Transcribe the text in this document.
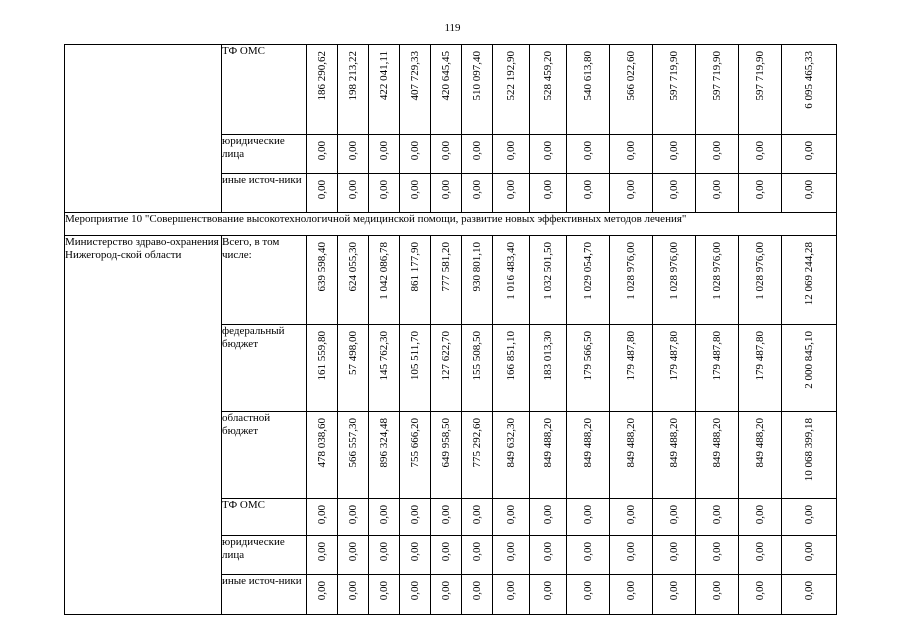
119
	ТФ ОМС	186 290,62	198 213,22	422 041,11	407 729,33	420 645,45	510 097,40	522 192,90	528 459,20	540 613,80	566 022,60	597 719,90	597 719,90	597 719,90	6 095 465,33

	юридические лица	0,00	0,00	0,00	0,00	0,00	0,00	0,00	0,00	0,00	0,00	0,00	0,00	0,00	0,00

	иные источ-ники	0,00	0,00	0,00	0,00	0,00	0,00	0,00	0,00	0,00	0,00	0,00	0,00	0,00	0,00

Мероприятие 10 "Совершенствование высокотехнологичной медицинской помощи, развитие новых эффективных методов лечения"															
Министерство здраво-охранения Нижегород-ской области	Всего, в том числе:	639 598,40	624 055,30	1 042 086,78	861 177,90	777 581,20	930 801,10	1 016 483,40	1 032 501,50	1 029 054,70	1 028 976,00	1 028 976,00	1 028 976,00	1 028 976,00	12 069 244,28

	федеральный бюджет	161 559,80	57 498,00	145 762,30	105 511,70	127 622,70	155 508,50	166 851,10	183 013,30	179 566,50	179 487,80	179 487,80	179 487,80	179 487,80	2 000 845,10

	областной бюджет	478 038,60	566 557,30	896 324,48	755 666,20	649 958,50	775 292,60	849 632,30	849 488,20	849 488,20	849 488,20	849 488,20	849 488,20	849 488,20	10 068 399,18

	ТФ ОМС	0,00	0,00	0,00	0,00	0,00	0,00	0,00	0,00	0,00	0,00	0,00	0,00	0,00	0,00

	юридические лица	0,00	0,00	0,00	0,00	0,00	0,00	0,00	0,00	0,00	0,00	0,00	0,00	0,00	0,00

	иные источ-ники	0,00	0,00	0,00	0,00	0,00	0,00	0,00	0,00	0,00	0,00	0,00	0,00	0,00	0,00
